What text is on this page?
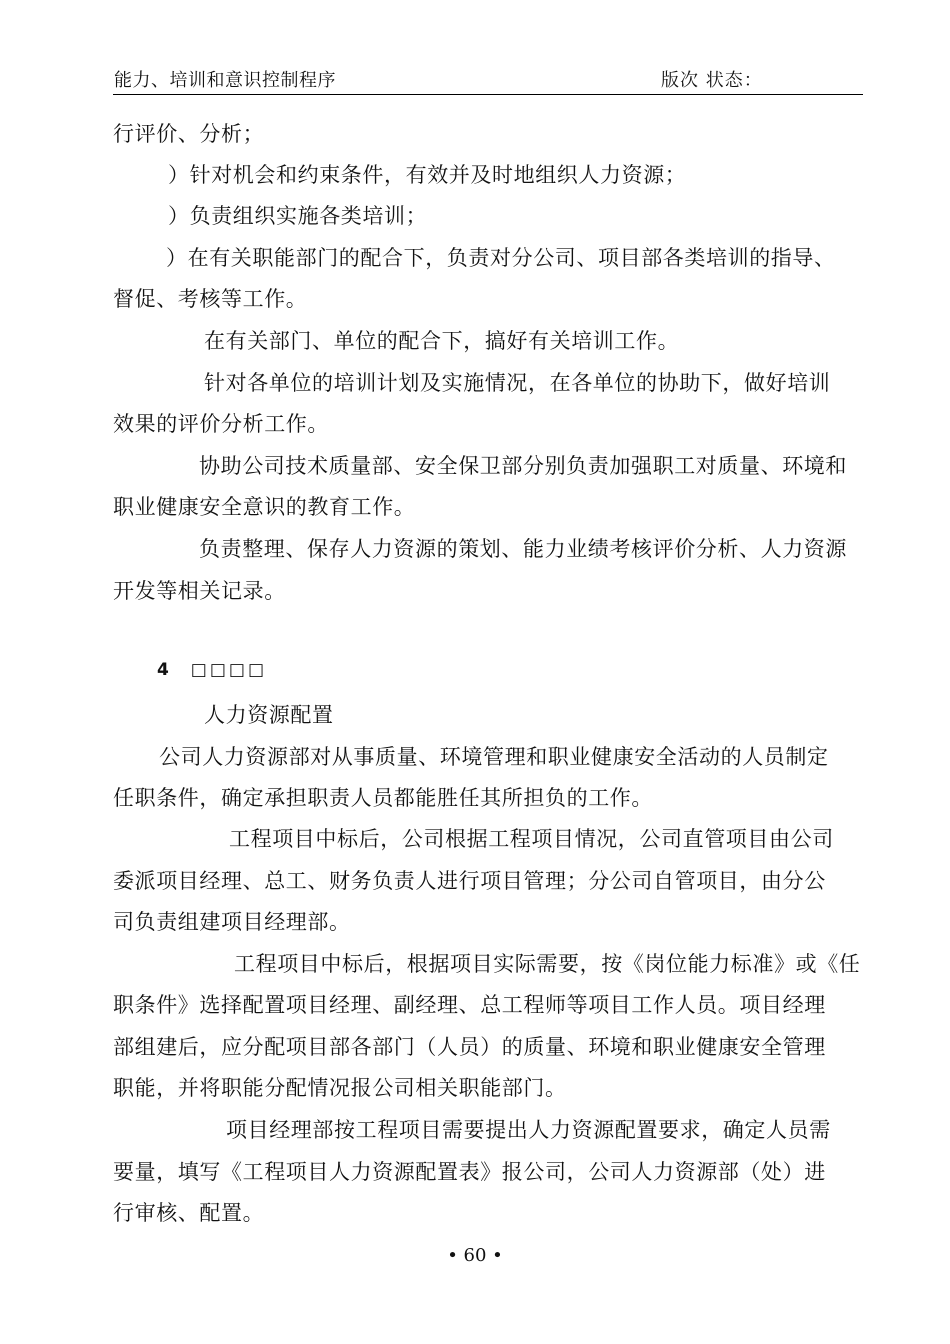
能力、培训和意识控制程序	版次 状态：
行评价、分析；
）针对机会和约束条件，有效并及时地组织人力资源；
）负责组织实施各类培训；
）在有关职能部门的配合下，负责对分公司、项目部各类培训的指导、
督促、考核等工作。
在有关部门、单位的配合下，搞好有关培训工作。
针对各单位的培训计划及实施情况，在各单位的协助下，做好培训
效果的评价分析工作。
协助公司技术质量部、安全保卫部分别负责加强职工对质量、环境和
职业健康安全意识的教育工作。
负责整理、保存人力资源的策划、能力业绩考核评价分析、人力资源
开发等相关记录。
4 □□□□
人力资源配置
公司人力资源部对从事质量、环境管理和职业健康安全活动的人员制定
任职条件，确定承担职责人员都能胜任其所担负的工作。
工程项目中标后，公司根据工程项目情况，公司直管项目由公司
委派项目经理、总工、财务负责人进行项目管理；分公司自管项目，由分公
司负责组建项目经理部。
工程项目中标后，根据项目实际需要，按《岗位能力标准》或《任
职条件》选择配置项目经理、副经理、总工程师等项目工作人员。项目经理
部组建后，应分配项目部各部门（人员）的质量、环境和职业健康安全管理
职能，并将职能分配情况报公司相关职能部门。
项目经理部按工程项目需要提出人力资源配置要求，确定人员需
要量，填写《工程项目人力资源配置表》报公司，公司人力资源部（处）进
行审核、配置。
• 60 •
